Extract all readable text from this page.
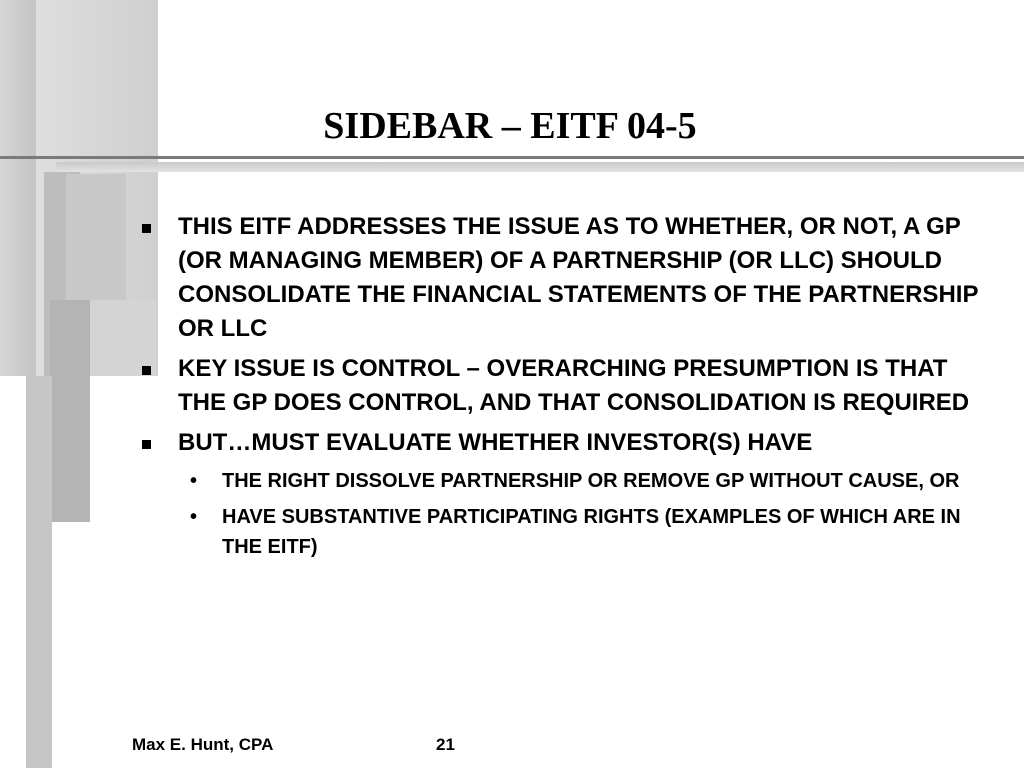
SIDEBAR – EITF 04-5
THIS EITF ADDRESSES THE ISSUE AS TO WHETHER, OR NOT, A GP (OR MANAGING MEMBER) OF A PARTNERSHIP (OR LLC) SHOULD CONSOLIDATE THE FINANCIAL STATEMENTS OF THE PARTNERSHIP OR LLC
KEY ISSUE IS CONTROL – OVERARCHING PRESUMPTION IS THAT THE GP DOES CONTROL, AND THAT CONSOLIDATION IS REQUIRED
BUT…MUST EVALUATE WHETHER INVESTOR(S) HAVE
• THE RIGHT DISSOLVE PARTNERSHIP OR REMOVE GP WITHOUT CAUSE, OR
• HAVE SUBSTANTIVE PARTICIPATING RIGHTS (EXAMPLES OF WHICH ARE IN THE EITF)
Max E. Hunt, CPA	21
